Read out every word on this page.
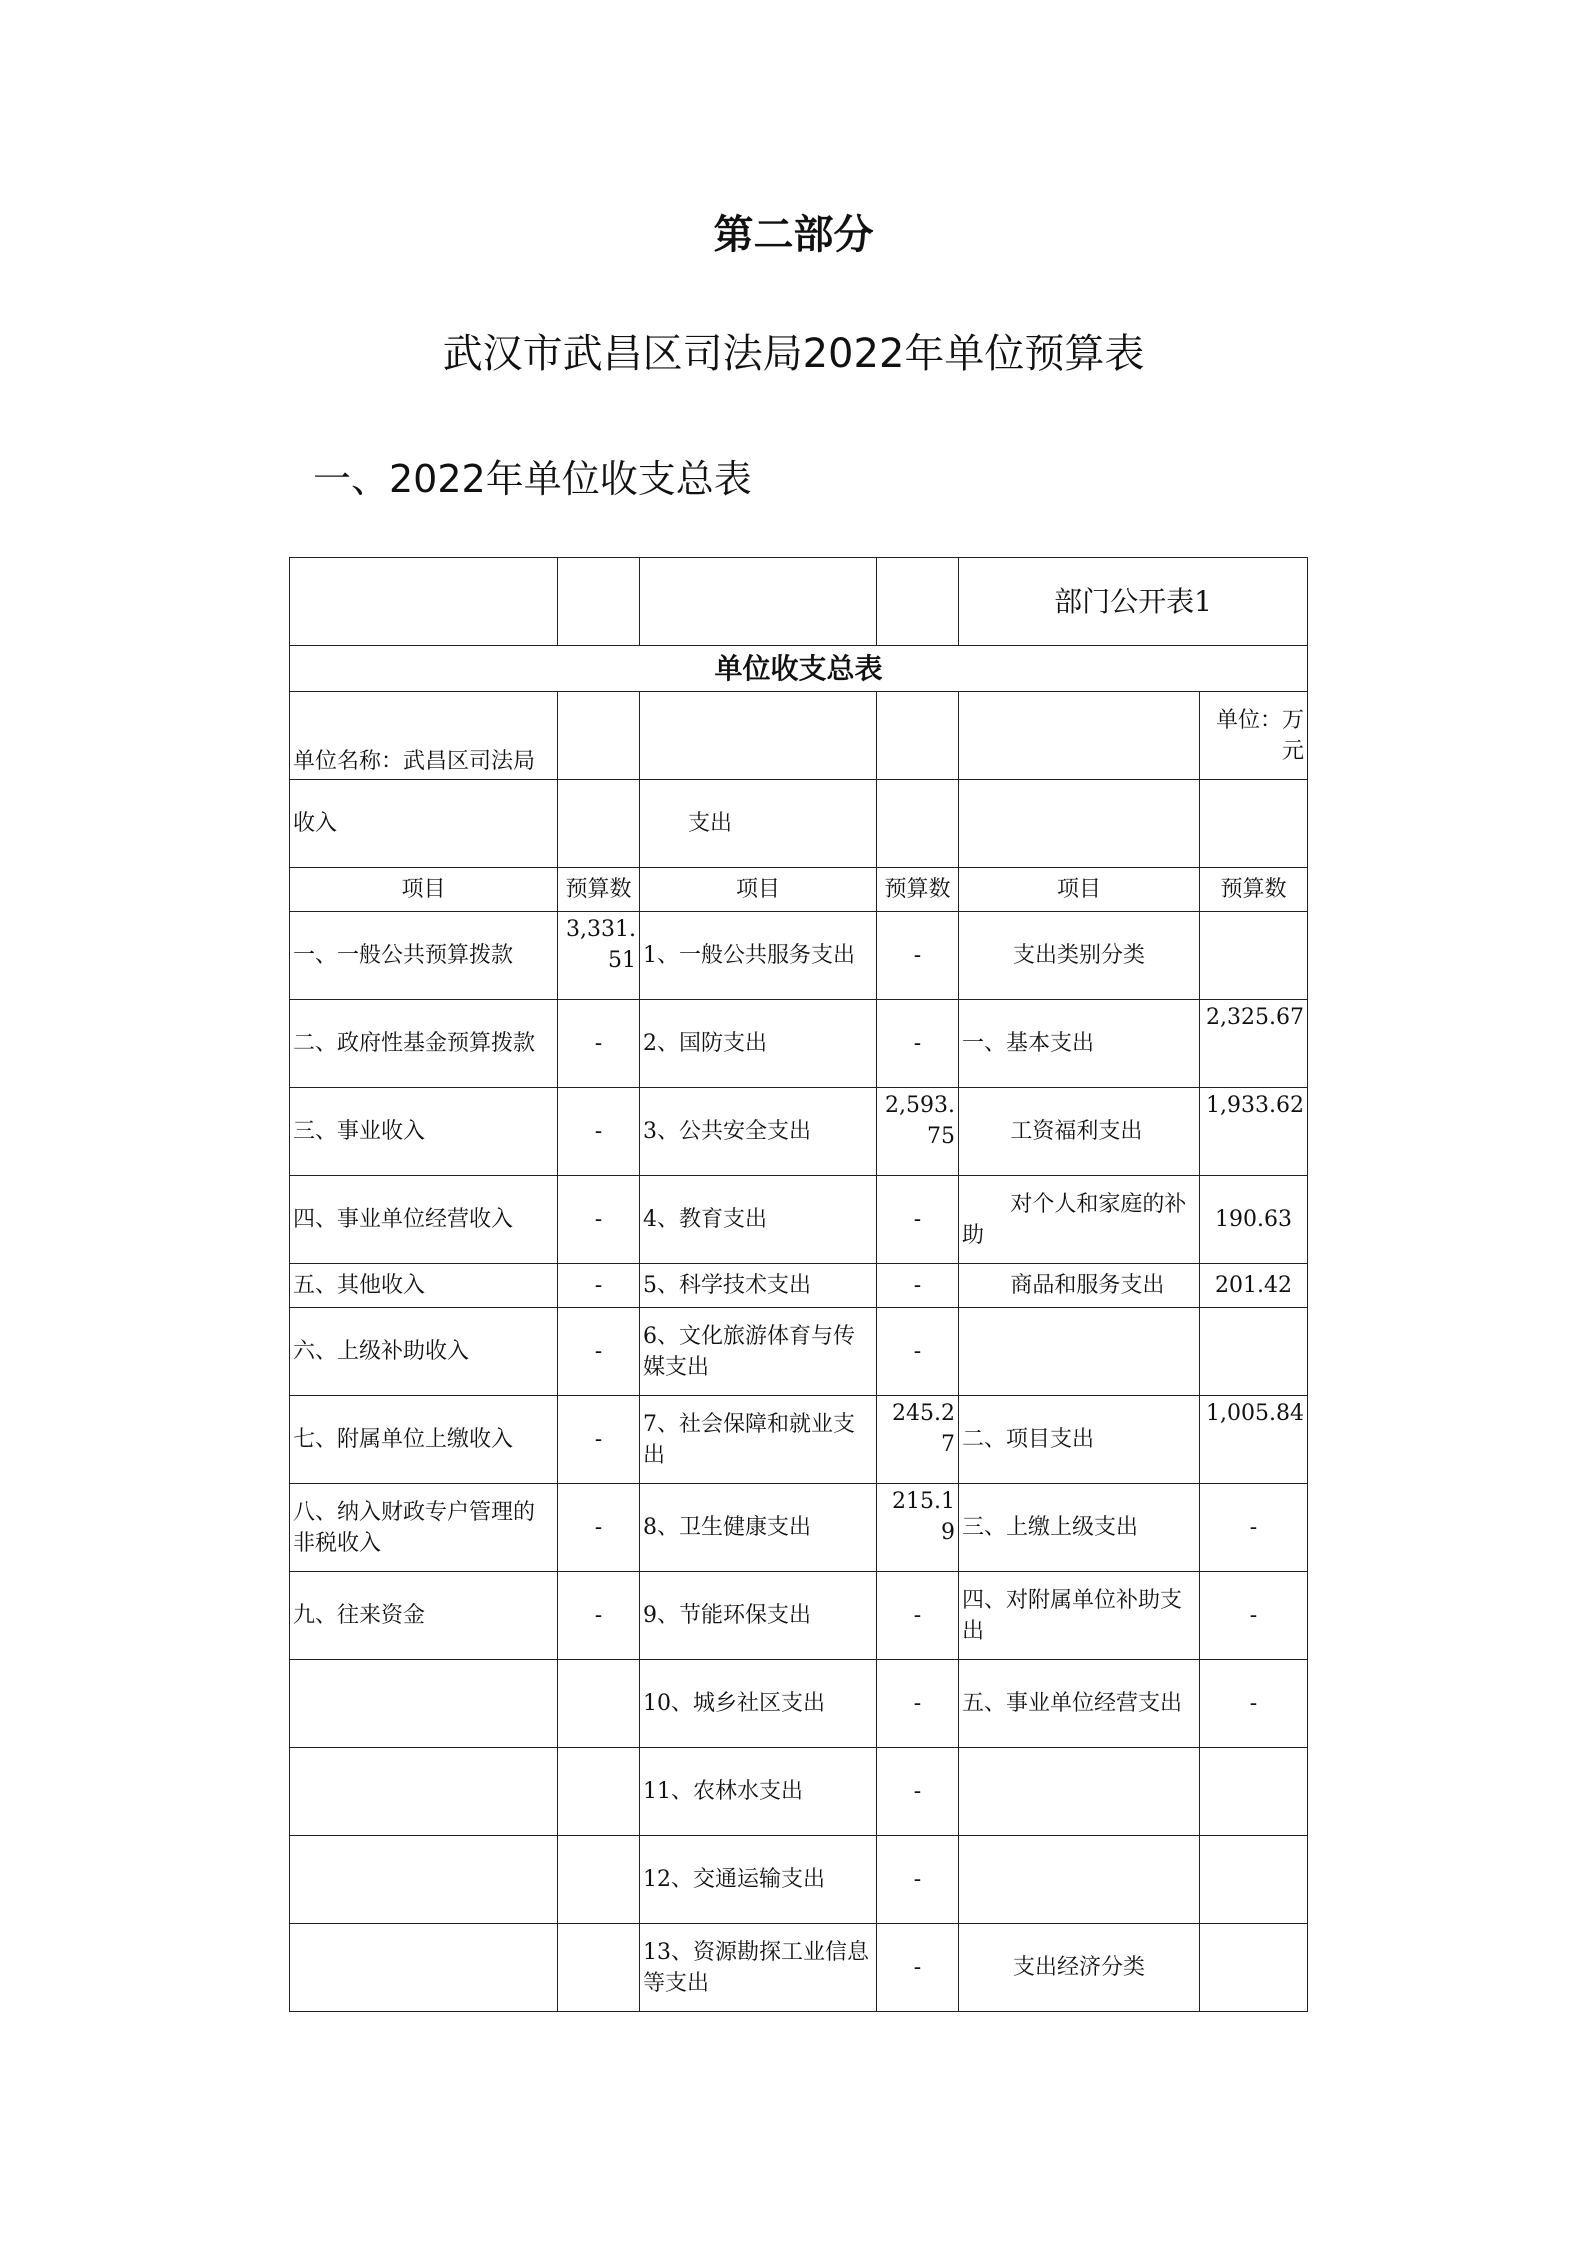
第二部分
武汉市武昌区司法局2022年单位预算表
一、2022年单位收支总表
				部门公开表1	
单位收支总表					
单位名称：武昌区司法局					单位：万元
收入		支出			
项目	预算数	项目	预算数	项目	预算数
一、一般公共预算拨款	3,331.51	1、一般公共服务支出	-	支出类别分类	
二、政府性基金预算拨款	-	2、国防支出	-	一、基本支出	2,325.67
三、事业收入	-	3、公共安全支出	2,593.75	工资福利支出	1,933.62
四、事业单位经营收入	-	4、教育支出	-	对个人和家庭的补助	190.63
五、其他收入	-	5、科学技术支出	-	商品和服务支出	201.42
六、上级补助收入	-	6、文化旅游体育与传媒支出	-		
七、附属单位上缴收入	-	7、社会保障和就业支出	245.27	二、项目支出	1,005.84
八、纳入财政专户管理的非税收入	-	8、卫生健康支出	215.19	三、上缴上级支出	-
九、往来资金	-	9、节能环保支出	-	四、对附属单位补助支出	-
		10、城乡社区支出	-	五、事业单位经营支出	-
		11、农林水支出	-		
		12、交通运输支出	-		
		13、资源勘探工业信息等支出	-	支出经济分类	
